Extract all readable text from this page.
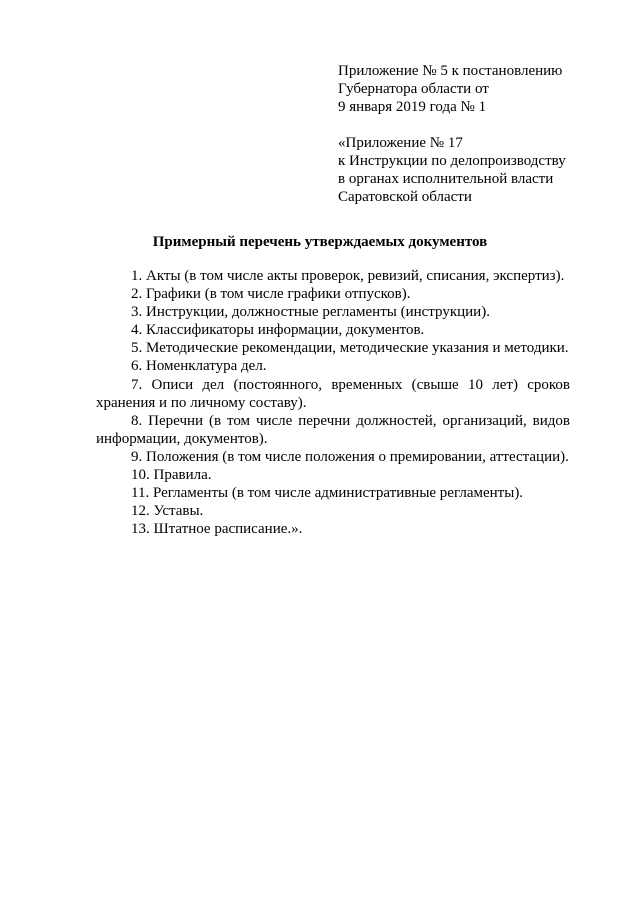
Приложение № 5 к постановлению
Губернатора области от
9 января 2019 года № 1
«Приложение № 17
к Инструкции по делопроизводству
в органах исполнительной власти
Саратовской области
Примерный перечень утверждаемых документов

1. Акты (в том числе акты проверок, ревизий, списания, экспертиз).

2. Графики (в том числе графики отпусков).

3. Инструкции, должностные регламенты (инструкции).

4. Классификаторы информации, документов.

5. Методические рекомендации, методические указания и методики.

6. Номенклатура дел.

7. Описи дел (постоянного, временных (свыше 10 лет) сроков хранения и по личному составу).

8. Перечни (в том числе перечни должностей, организаций, видов информации, документов).

9. Положения (в том числе положения о премировании, аттестации).

10. Правила.

11. Регламенты (в том числе административные регламенты).

12. Уставы.

13. Штатное расписание.».
